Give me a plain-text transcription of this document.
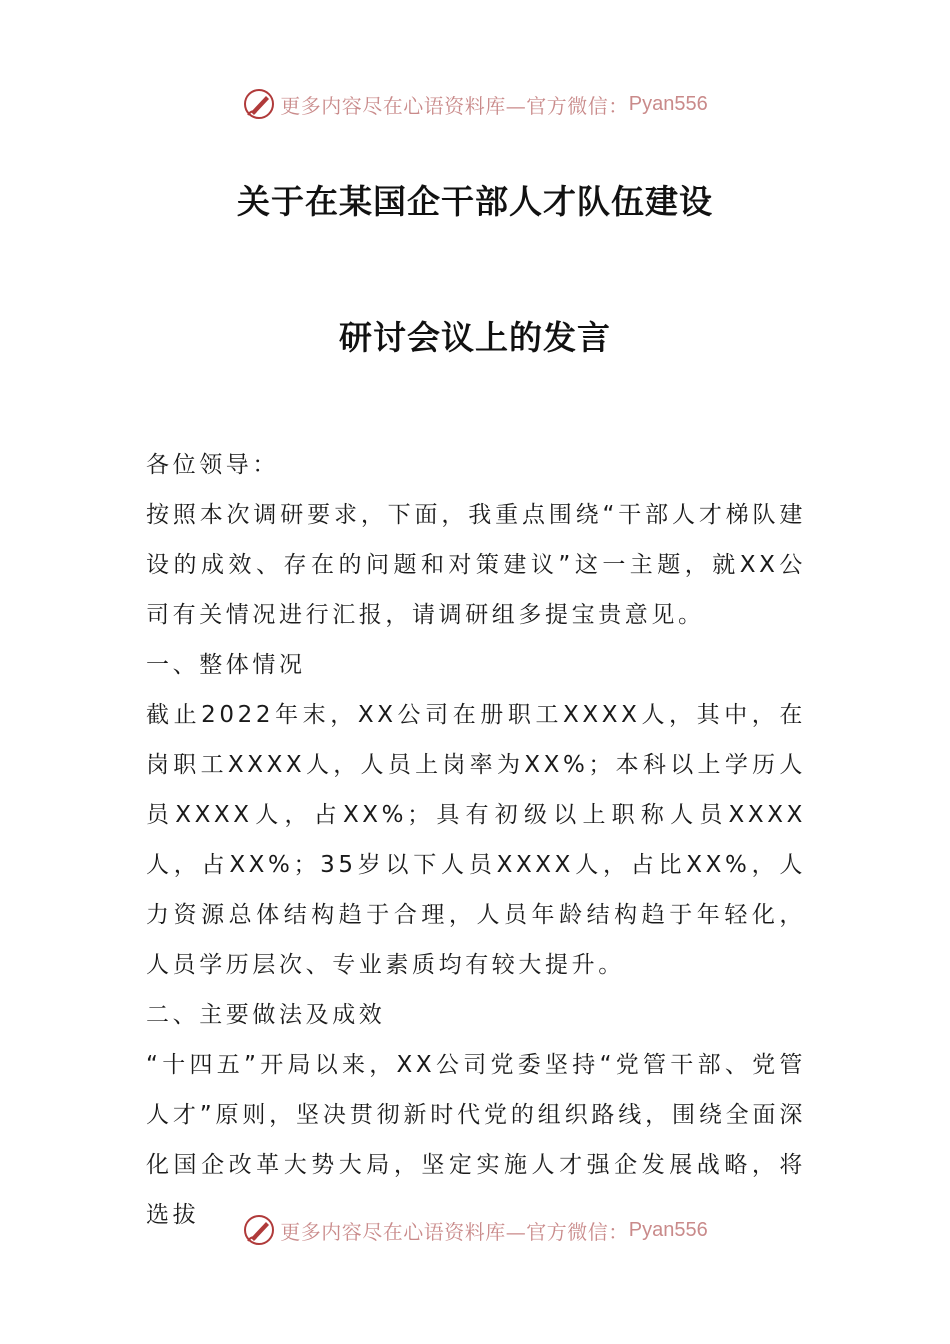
更多内容尽在心语资料库—官方微信： Pyan556
关于在某国企干部人才队伍建设
研讨会议上的发言

各位领导：

按照本次调研要求，下面，我重点围绕“干部人才梯队建设的成效、存在的问题和对策建议”这一主题，就XX公司有关情况进行汇报，请调研组多提宝贵意见。

一、整体情况

截止2022年末，XX公司在册职工XXXX人，其中，在岗职工XXXX人，人员上岗率为XX%；本科以上学历人员XXXX人，占XX%；具有初级以上职称人员XXXX人，占XX%；35岁以下人员XXXX人，占比XX%，人力资源总体结构趋于合理，人员年龄结构趋于年轻化，人员学历层次、专业素质均有较大提升。

二、主要做法及成效

“十四五”开局以来，XX公司党委坚持“党管干部、党管人才”原则，坚决贯彻新时代党的组织路线，围绕全面深化国企改革大势大局，坚定实施人才强企发展战略，将选拔

更多内容尽在心语资料库—官方微信： Pyan556
